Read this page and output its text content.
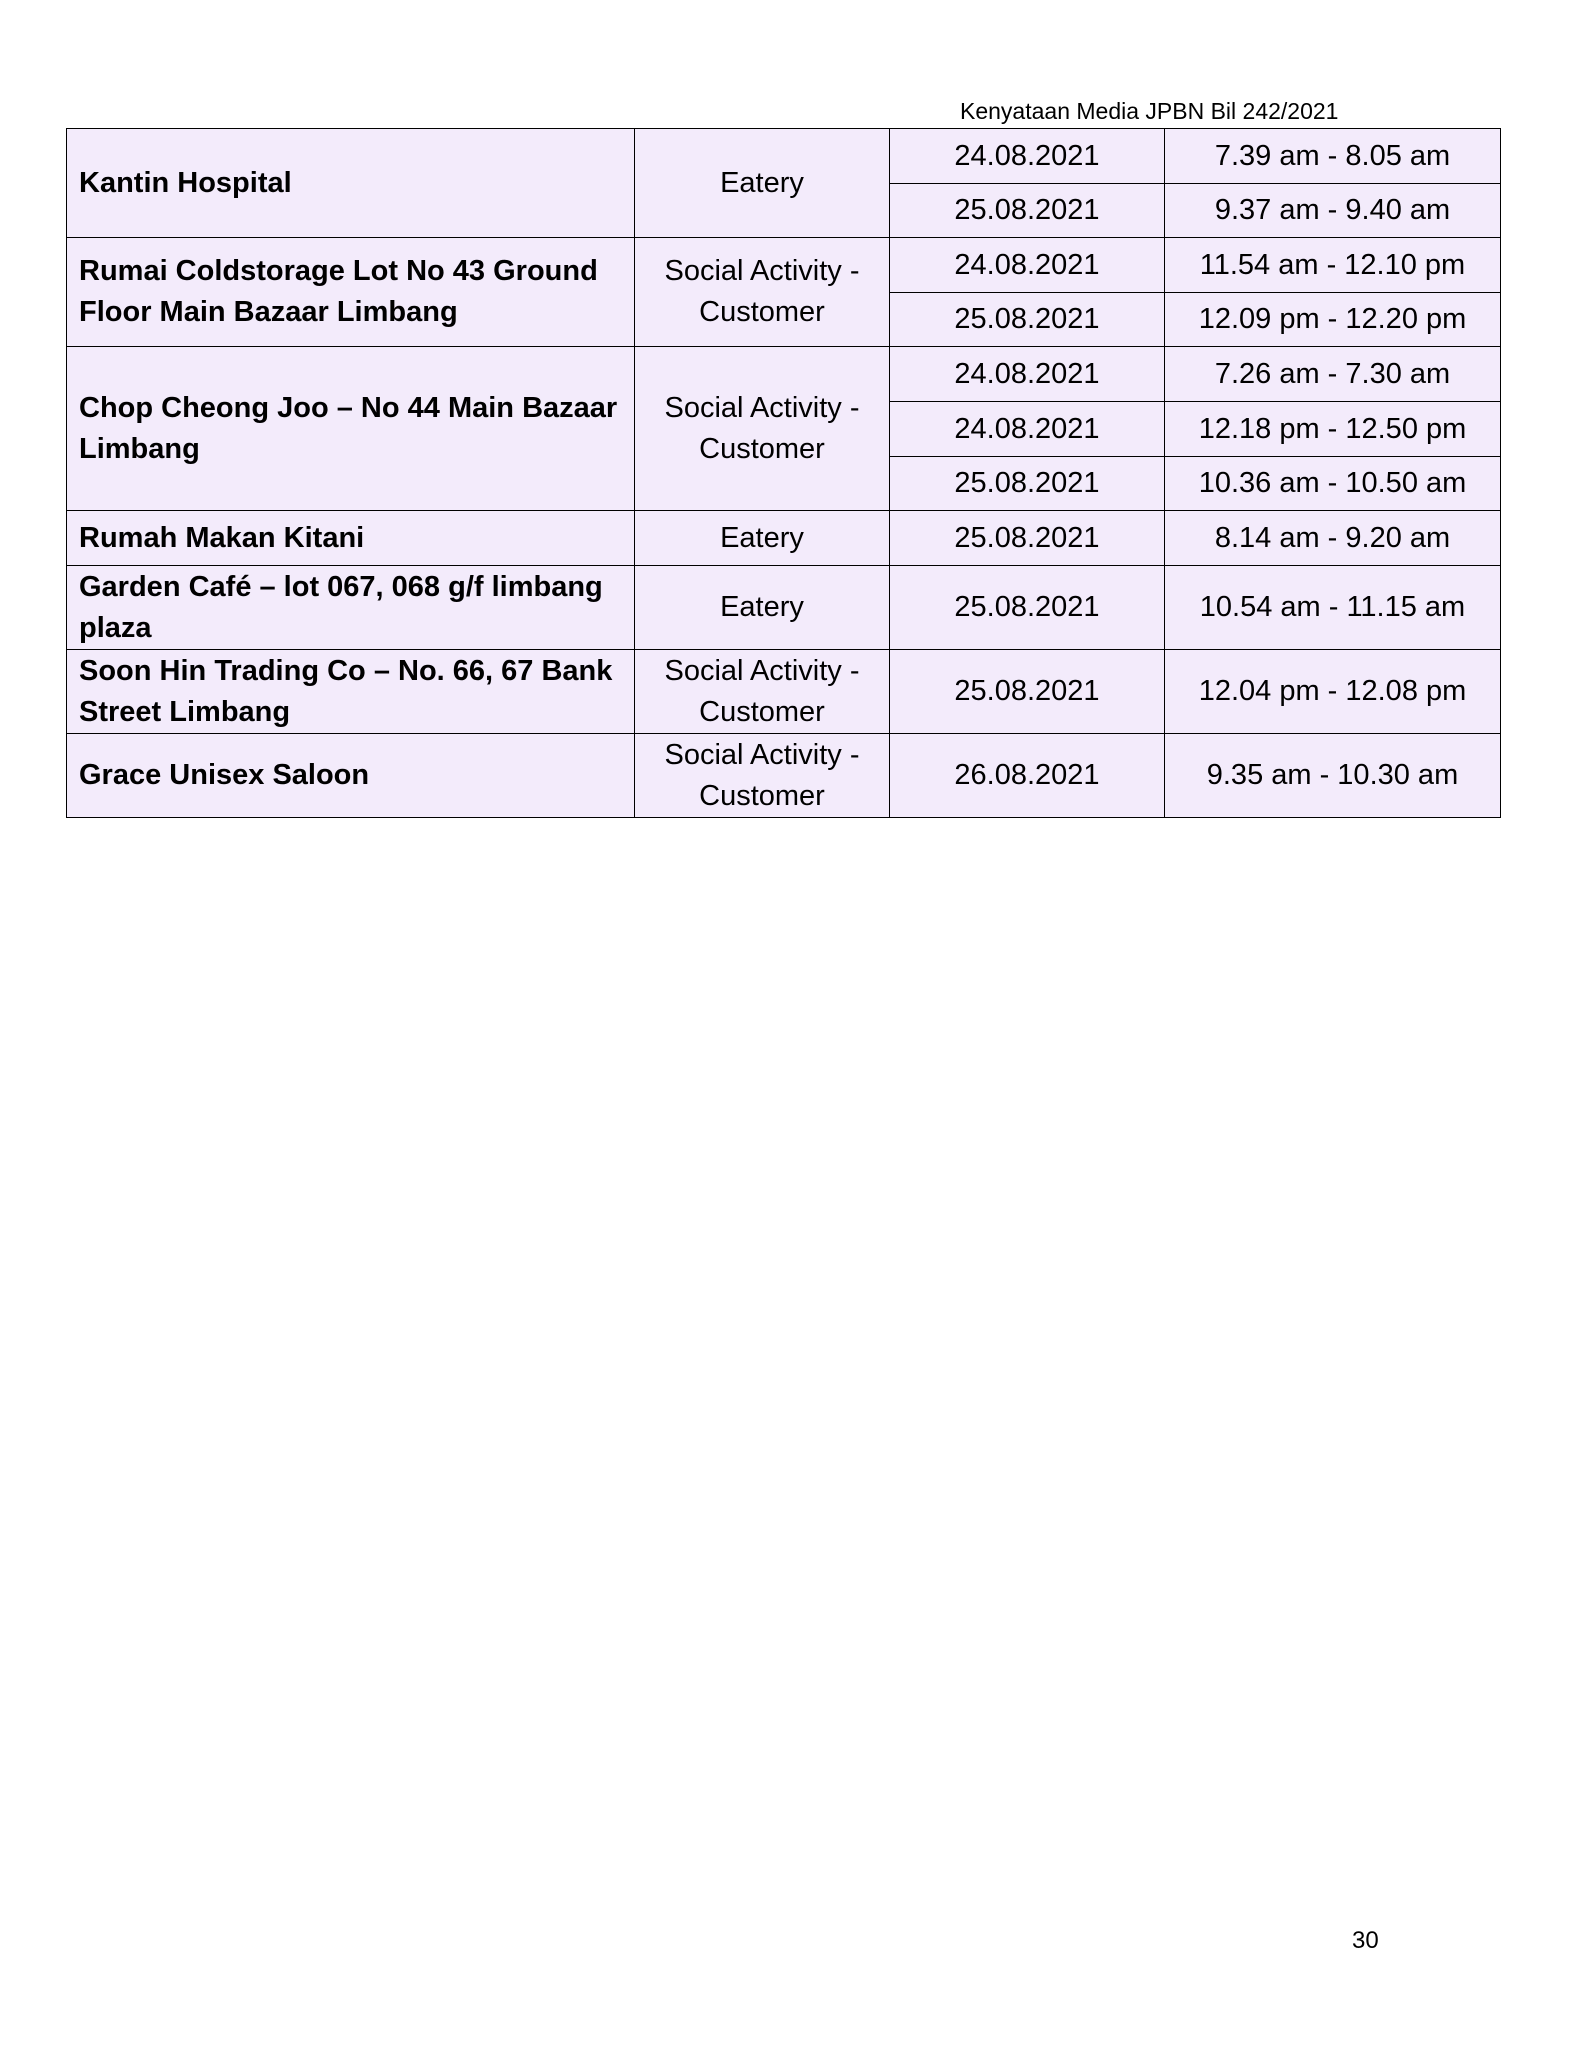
Kenyataan Media JPBN Bil 242/2021
Kantin Hospital	Eatery	24.08.2021	7.39 am - 8.05 am
		25.08.2021	9.37 am - 9.40 am
Rumai Coldstorage Lot No 43 Ground Floor Main Bazaar Limbang	Social Activity - Customer	24.08.2021	11.54 am - 12.10 pm
		25.08.2021	12.09 pm - 12.20 pm
Chop Cheong Joo – No 44 Main Bazaar Limbang	Social Activity - Customer	24.08.2021	7.26 am - 7.30 am
		24.08.2021	12.18 pm - 12.50 pm
		25.08.2021	10.36 am - 10.50 am
Rumah Makan Kitani	Eatery	25.08.2021	8.14 am - 9.20 am
Garden Café – lot 067, 068 g/f limbang plaza	Eatery	25.08.2021	10.54 am - 11.15 am
Soon Hin Trading Co – No. 66, 67 Bank Street Limbang	Social Activity - Customer	25.08.2021	12.04 pm - 12.08 pm
Grace Unisex Saloon	Social Activity - Customer	26.08.2021	9.35 am - 10.30 am
30
